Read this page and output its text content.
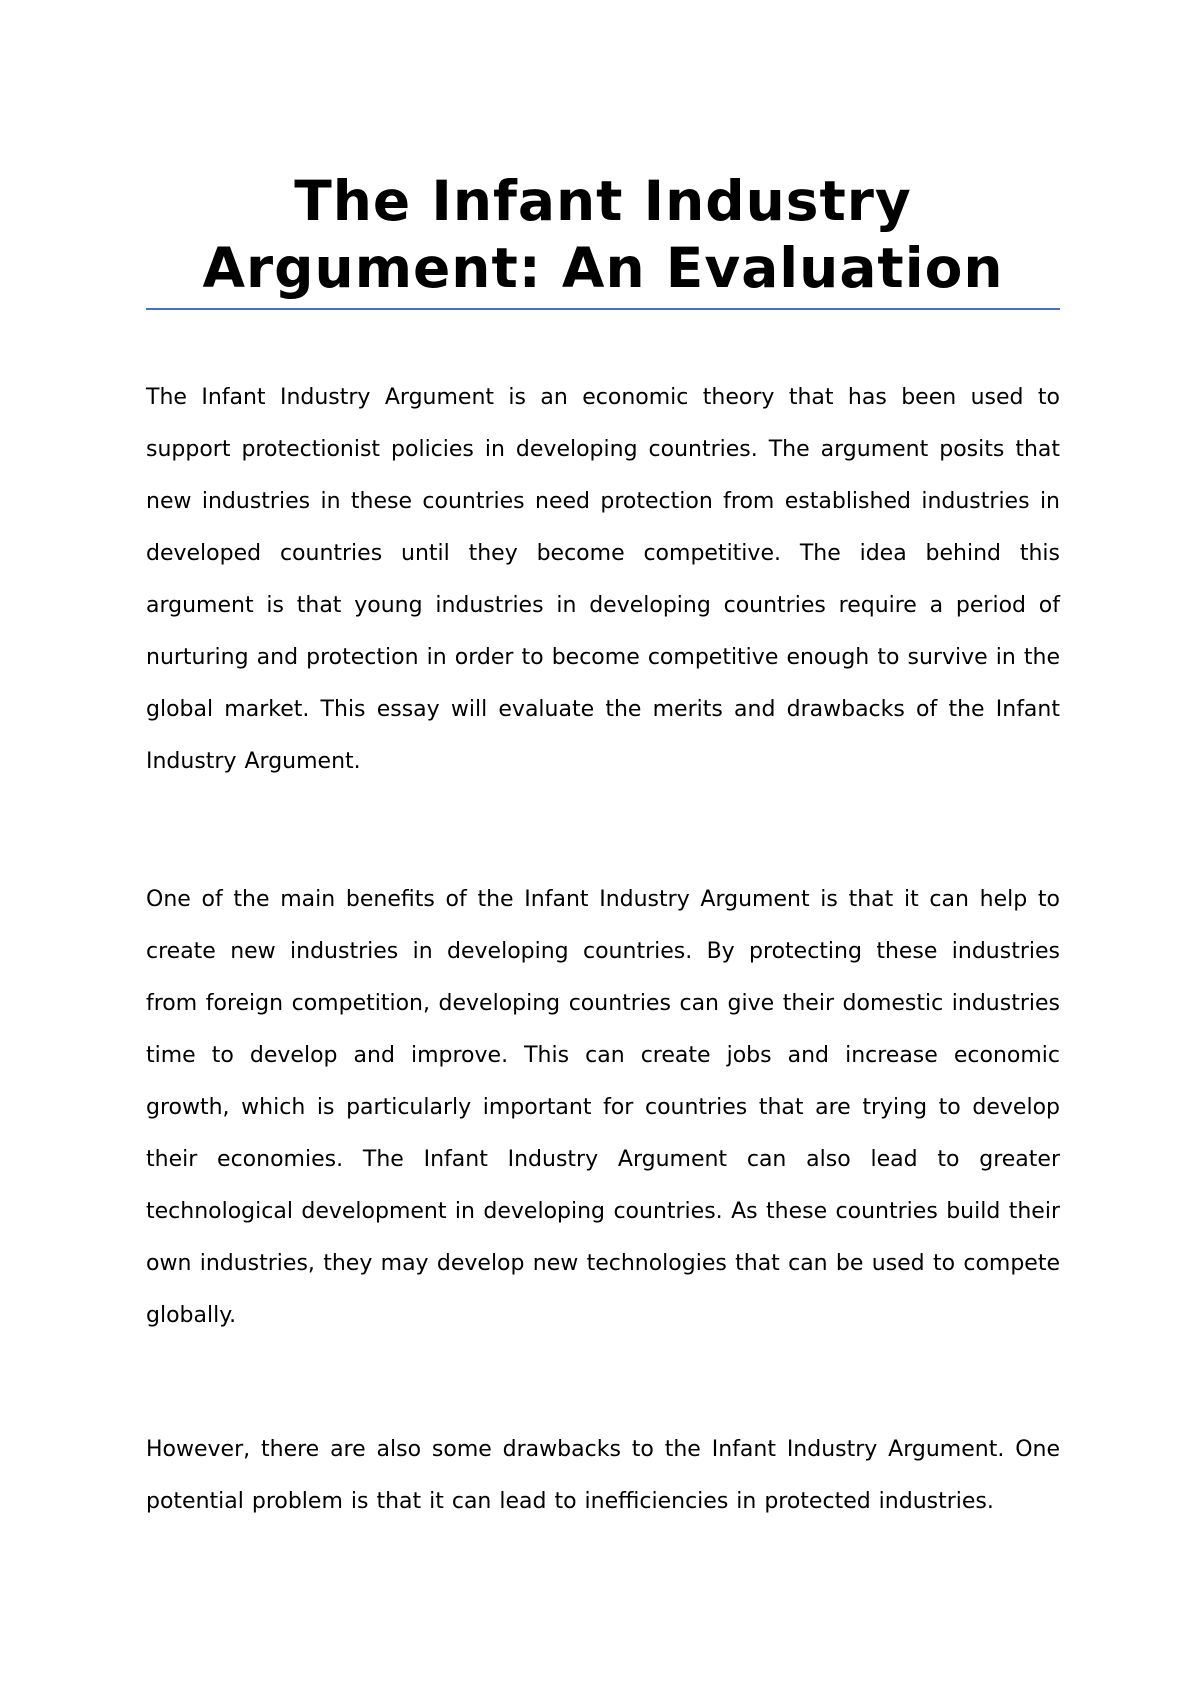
The Infant Industry Argument: An Evaluation

The Infant Industry Argument is an economic theory that has been used to support protectionist policies in developing countries. The argument posits that new industries in these countries need protection from established industries in developed countries until they become competitive. The idea behind this argument is that young industries in developing countries require a period of nurturing and protection in order to become competitive enough to survive in the global market. This essay will evaluate the merits and drawbacks of the Infant Industry Argument.

One of the main benefits of the Infant Industry Argument is that it can help to create new industries in developing countries. By protecting these industries from foreign competition, developing countries can give their domestic industries time to develop and improve. This can create jobs and increase economic growth, which is particularly important for countries that are trying to develop their economies. The Infant Industry Argument can also lead to greater technological development in developing countries. As these countries build their own industries, they may develop new technologies that can be used to compete globally.

However, there are also some drawbacks to the Infant Industry Argument. One potential problem is that it can lead to inefficiencies in protected industries.
